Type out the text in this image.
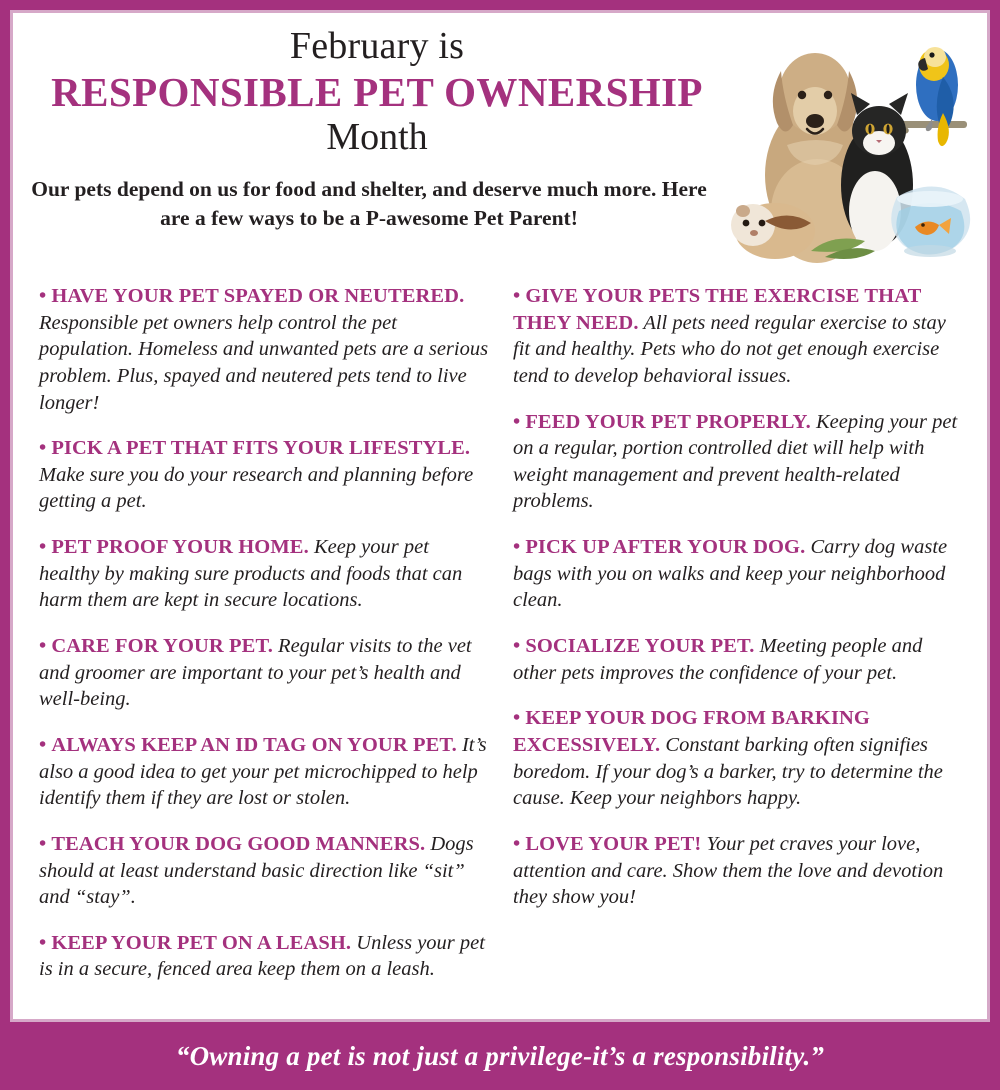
February is
RESPONSIBLE PET OWNERSHIP
Month
Our pets depend on us for food and shelter, and deserve much more. Here are a few ways to be a P-awesome Pet Parent!
• HAVE YOUR PET SPAYED OR NEUTERED. Responsible pet owners help control the pet population. Homeless and unwanted pets are a serious problem. Plus, spayed and neutered pets tend to live longer!
• PICK A PET THAT FITS YOUR LIFESTYLE. Make sure you do your research and planning before getting a pet.
• PET PROOF YOUR HOME. Keep your pet healthy by making sure products and foods that can harm them are kept in secure locations.
• CARE FOR YOUR PET. Regular visits to the vet and groomer are important to your pet’s health and well-being.
• ALWAYS KEEP AN ID TAG ON YOUR PET. It’s also a good idea to get your pet microchipped to help identify them if they are lost or stolen.
• TEACH YOUR DOG GOOD MANNERS. Dogs should at least understand basic direction like “sit” and “stay”.
• KEEP YOUR PET ON A LEASH. Unless your pet is in a secure, fenced area keep them on a leash.
• GIVE YOUR PETS THE EXERCISE THAT THEY NEED. All pets need regular exercise to stay fit and healthy. Pets who do not get enough exercise tend to develop behavioral issues.
• FEED YOUR PET PROPERLY. Keeping your pet on a regular, portion controlled diet will help with weight management and prevent health-related problems.
• PICK UP AFTER YOUR DOG. Carry dog waste bags with you on walks and keep your neighborhood clean.
• SOCIALIZE YOUR PET. Meeting people and other pets improves the confidence of your pet.
• KEEP YOUR DOG FROM BARKING EXCESSIVELY. Constant barking often signifies boredom. If your dog’s a barker, try to determine the cause. Keep your neighbors happy.
• LOVE YOUR PET! Your pet craves your love, attention and care. Show them the love and devotion they show you!
“Owning a pet is not just a privilege-it’s a responsibility.”
